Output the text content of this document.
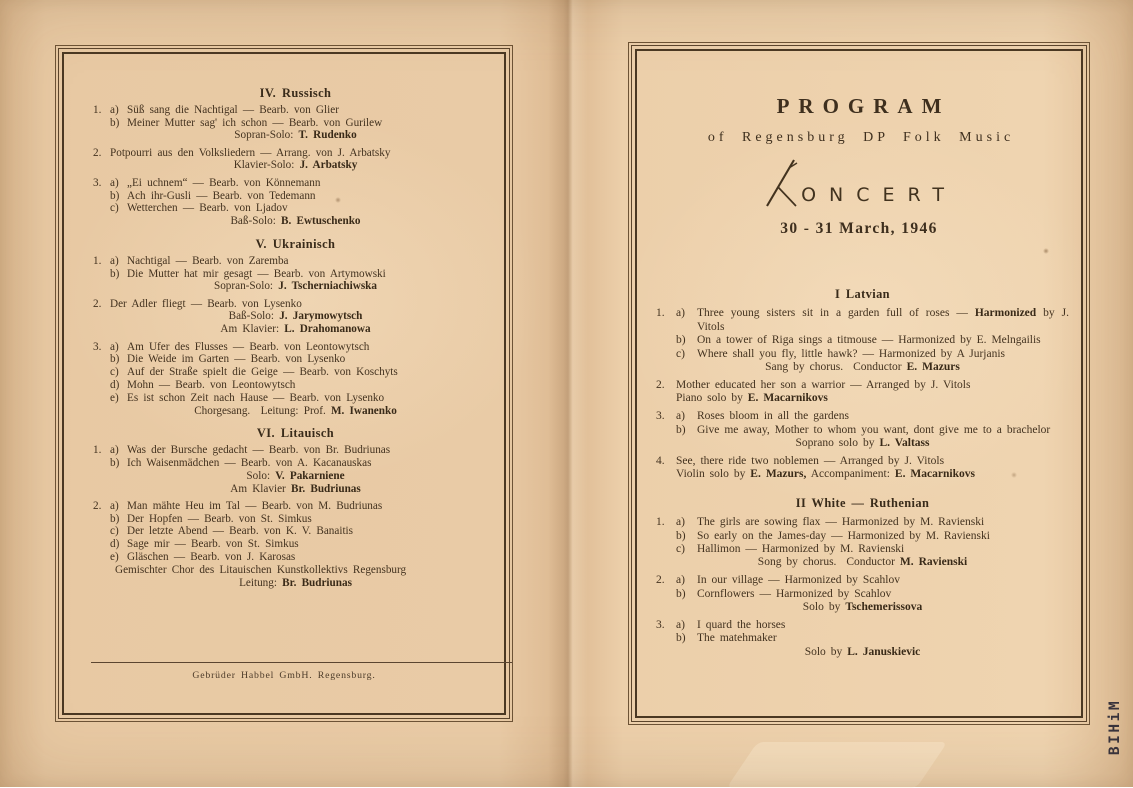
IV. Russisch
1. a) Süß sang die Nachtigal — Bearb. von Glier
b) Meiner Mutter sag' ich schon — Bearb. von Gurilew
Sopran-Solo: T. Rudenko
2. Potpourri aus den Volksliedern — Arrang. von J. Arbatsky
Klavier-Solo: J. Arbatsky
3. a) „Ei uchnem“ — Bearb. von Könnemann
b) Ach ihr-Gusli — Bearb. von Tedemann
c) Wetterchen — Bearb. von Ljadov
Baß-Solo: B. Ewtuschenko
V. Ukrainisch
1. a) Nachtigal — Bearb. von Zaremba
b) Die Mutter hat mir gesagt — Bearb. von Artymowski
Sopran-Solo: J. Tscherniachiwska
2. Der Adler fliegt — Bearb. von Lysenko
Baß-Solo: J. Jarymowytsch
Am Klavier: L. Drahomanowa
3. a) Am Ufer des Flusses — Bearb. von Leontowytsch
b) Die Weide im Garten — Bearb. von Lysenko
c) Auf der Straße spielt die Geige — Bearb. von Koschyts
d) Mohn — Bearb. von Leontowytsch
e) Es ist schon Zeit nach Hause — Bearb. von Lysenko
Chorgesang.  Leitung: Prof. M. Iwanenko
VI. Litauisch
1. a) Was der Bursche gedacht — Bearb. von Br. Budriunas
b) Ich Waisenmädchen — Bearb. von A. Kacanauskas
Solo: V. Pakarniene
Am Klavier Br. Budriunas
2. a) Man mähte Heu im Tal — Bearb. von M. Budriunas
b) Der Hopfen — Bearb. von St. Simkus
c) Der letzte Abend — Bearb. von K. V. Banaitis
d) Sage mir — Bearb. von St. Simkus
e) Gläschen — Bearb. von J. Karosas
Gemischter Chor des Litauischen Kunstkollektivs Regensburg
Leitung: Br. Budriunas
Gebrüder Habbel GmbH. Regensburg.
PROGRAM
of Regensburg DP Folk Music
ONCERT
30 - 31 March, 1946
I Latvian
1. a)	Three young sisters sit in a garden full of roses — Harmonized by J. Vitols
b) On a tower of Riga sings a titmouse — Harmonized by E. Melngailis
c)	Where shall you fly, little hawk? — Harmonized by A Jurjanis
Sang by chorus.  Conductor E. Mazurs
2. Mother educated her son a warrior — Arranged by J. Vitols
Piano solo by E. Macarnikovs
3. a)	Roses bloom in all the gardens
b) Give me away, Mother to whom you want, dont give me to a brachelor
Soprano solo by L. Valtass
4. See, there ride two noblemen — Arranged by J. Vitols
Violin solo by E. Mazurs, Accompaniment: E. Macarnikovs
II White — Ruthenian
1. a)	The girls are sowing flax — Harmonized by M. Ravienski
b) So early on the James-day — Harmonized by M. Ravienski
c)	Hallimon — Harmonized by M. Ravienski
Song by chorus.  Conductor M. Ravienski
2. a)	In our village — Harmonized by Scahlov
b) Cornflowers — Harmonized by Scahlov
Solo by Tschemerissova
3. a)	I quard the horses
b) The matehmaker
Solo by L. Januskievic
BIHiM
